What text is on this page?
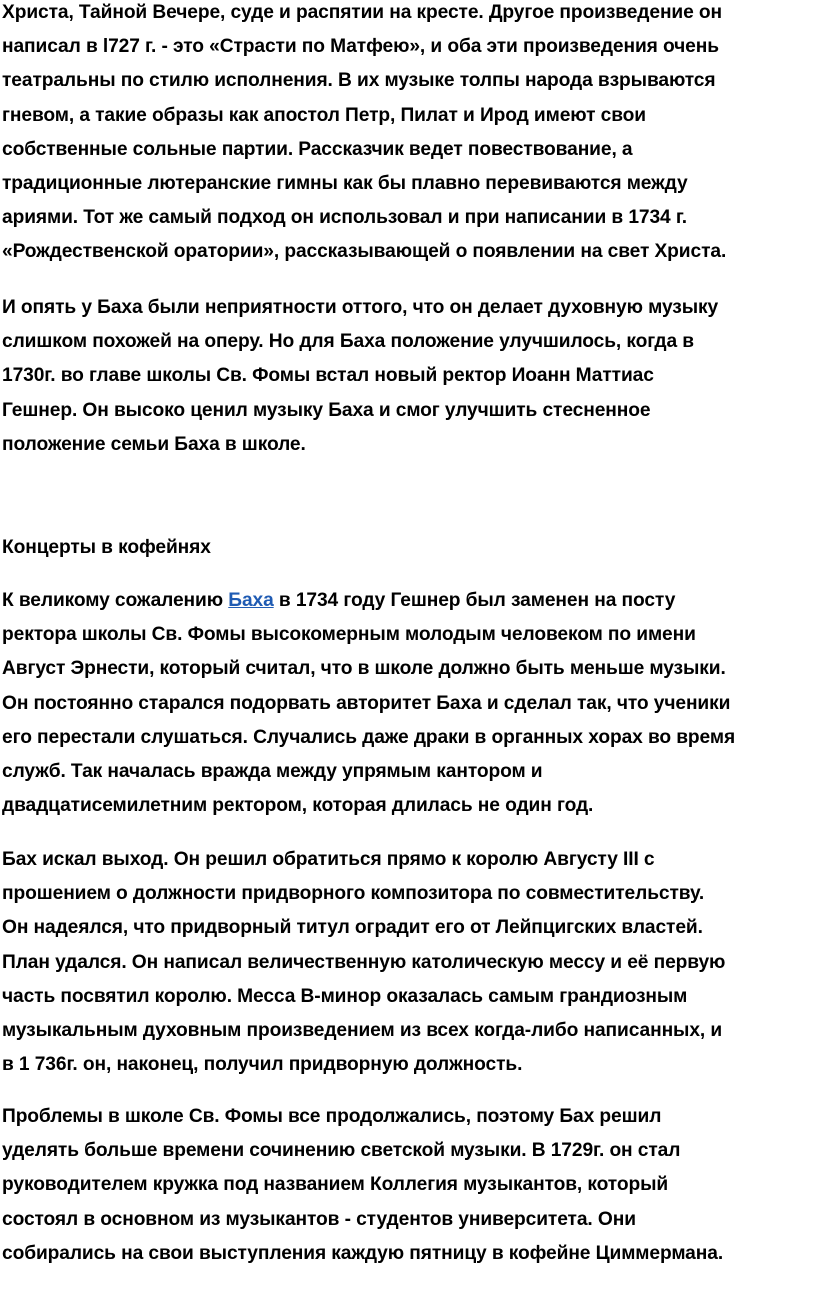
Христа, Тайной Вечере, суде и распятии на кресте. Другое произведение он
написал в l727 г. - это «Страсти по Матфею», и оба эти произведения очень
театральны по стилю исполнения. В их музыке толпы народа взрываются
гневом, а такие образы как апостол Петр, Пилат и Ирод имеют свои
собственные сольные партии. Рассказчик ведет повествование, а
традиционные лютеранские гимны как бы плавно перевиваются между
ариями. Тот же самый подход он использовал и при написании в 1734 г.
«Рождественской оратории», рассказывающей о появлении на свет Христа.

И опять у Баха были неприятности оттого, что он делает духовную музыку
слишком похожей на оперу. Но для Баха положение улучшилось, когда в
1730г. во главе школы Св. Фомы встал новый ректор Иоанн Маттиас
Гешнер. Он высоко ценил музыку Баха и смог улучшить стесненное
положение семьи Баха в школе.

Концерты в кофейнях

К великому сожалению Баха в 1734 году Гешнер был заменен на посту
ректора школы Св. Фомы высокомерным молодым человеком по имени
Август Эрнести, который считал, что в школе должно быть меньше музыки.
Он постоянно старался подорвать авторитет Баха и сделал так, что ученики
его перестали слушаться. Случались даже драки в органных хорах во время
служб. Так началась вражда между упрямым кантором и
двадцатисемилетним ректором, которая длилась не один год.

Бах искал выход. Он решил обратиться прямо к королю Августу III с
прошением о должности придворного композитора по совместительству.
Он надеялся, что придворный титул оградит его от Лейпцигских властей.
План удался. Он написал величественную католическую мессу и её первую
часть посвятил королю. Месса B-минор оказалась самым грандиозным
музыкальным духовным произведением из всех когда-либо написанных, и
в 1 736г. он, наконец, получил придворную должность.

Проблемы в школе Св. Фомы все продолжались, поэтому Бах решил
уделять больше времени сочинению светской музыки. В 1729г. он стал
руководителем кружка под названием Коллегия музыкантов, который
состоял в основном из музыкантов - студентов университета. Они
собирались на свои выступления каждую пятницу в кофейне Циммермана.
